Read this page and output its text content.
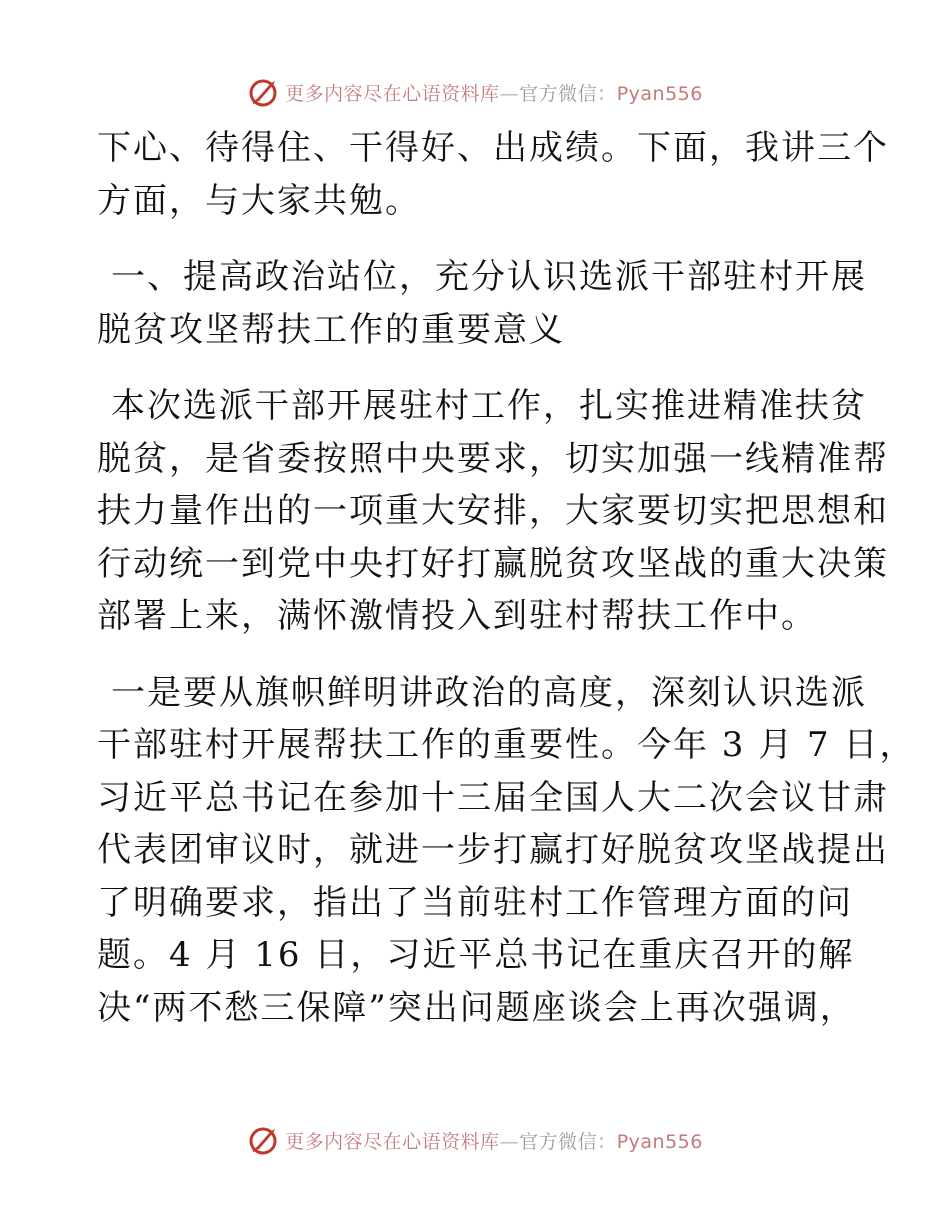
更多内容尽在心语资料库—官方微信：Pyan556

下心、待得住、干得好、出成绩。下面，我讲三个
方面，与大家共勉。

一、提高政治站位，充分认识选派干部驻村开展
脱贫攻坚帮扶工作的重要意义

本次选派干部开展驻村工作，扎实推进精准扶贫
脱贫，是省委按照中央要求，切实加强一线精准帮
扶力量作出的一项重大安排，大家要切实把思想和
行动统一到党中央打好打赢脱贫攻坚战的重大决策
部署上来，满怀激情投入到驻村帮扶工作中。

一是要从旗帜鲜明讲政治的高度，深刻认识选派
干部驻村开展帮扶工作的重要性。今年 3 月 7 日，
习近平总书记在参加十三届全国人大二次会议甘肃
代表团审议时，就进一步打赢打好脱贫攻坚战提出
了明确要求，指出了当前驻村工作管理方面的问
题。4 月 16 日，习近平总书记在重庆召开的解
决“两不愁三保障”突出问题座谈会上再次强调，

更多内容尽在心语资料库—官方微信：Pyan556
